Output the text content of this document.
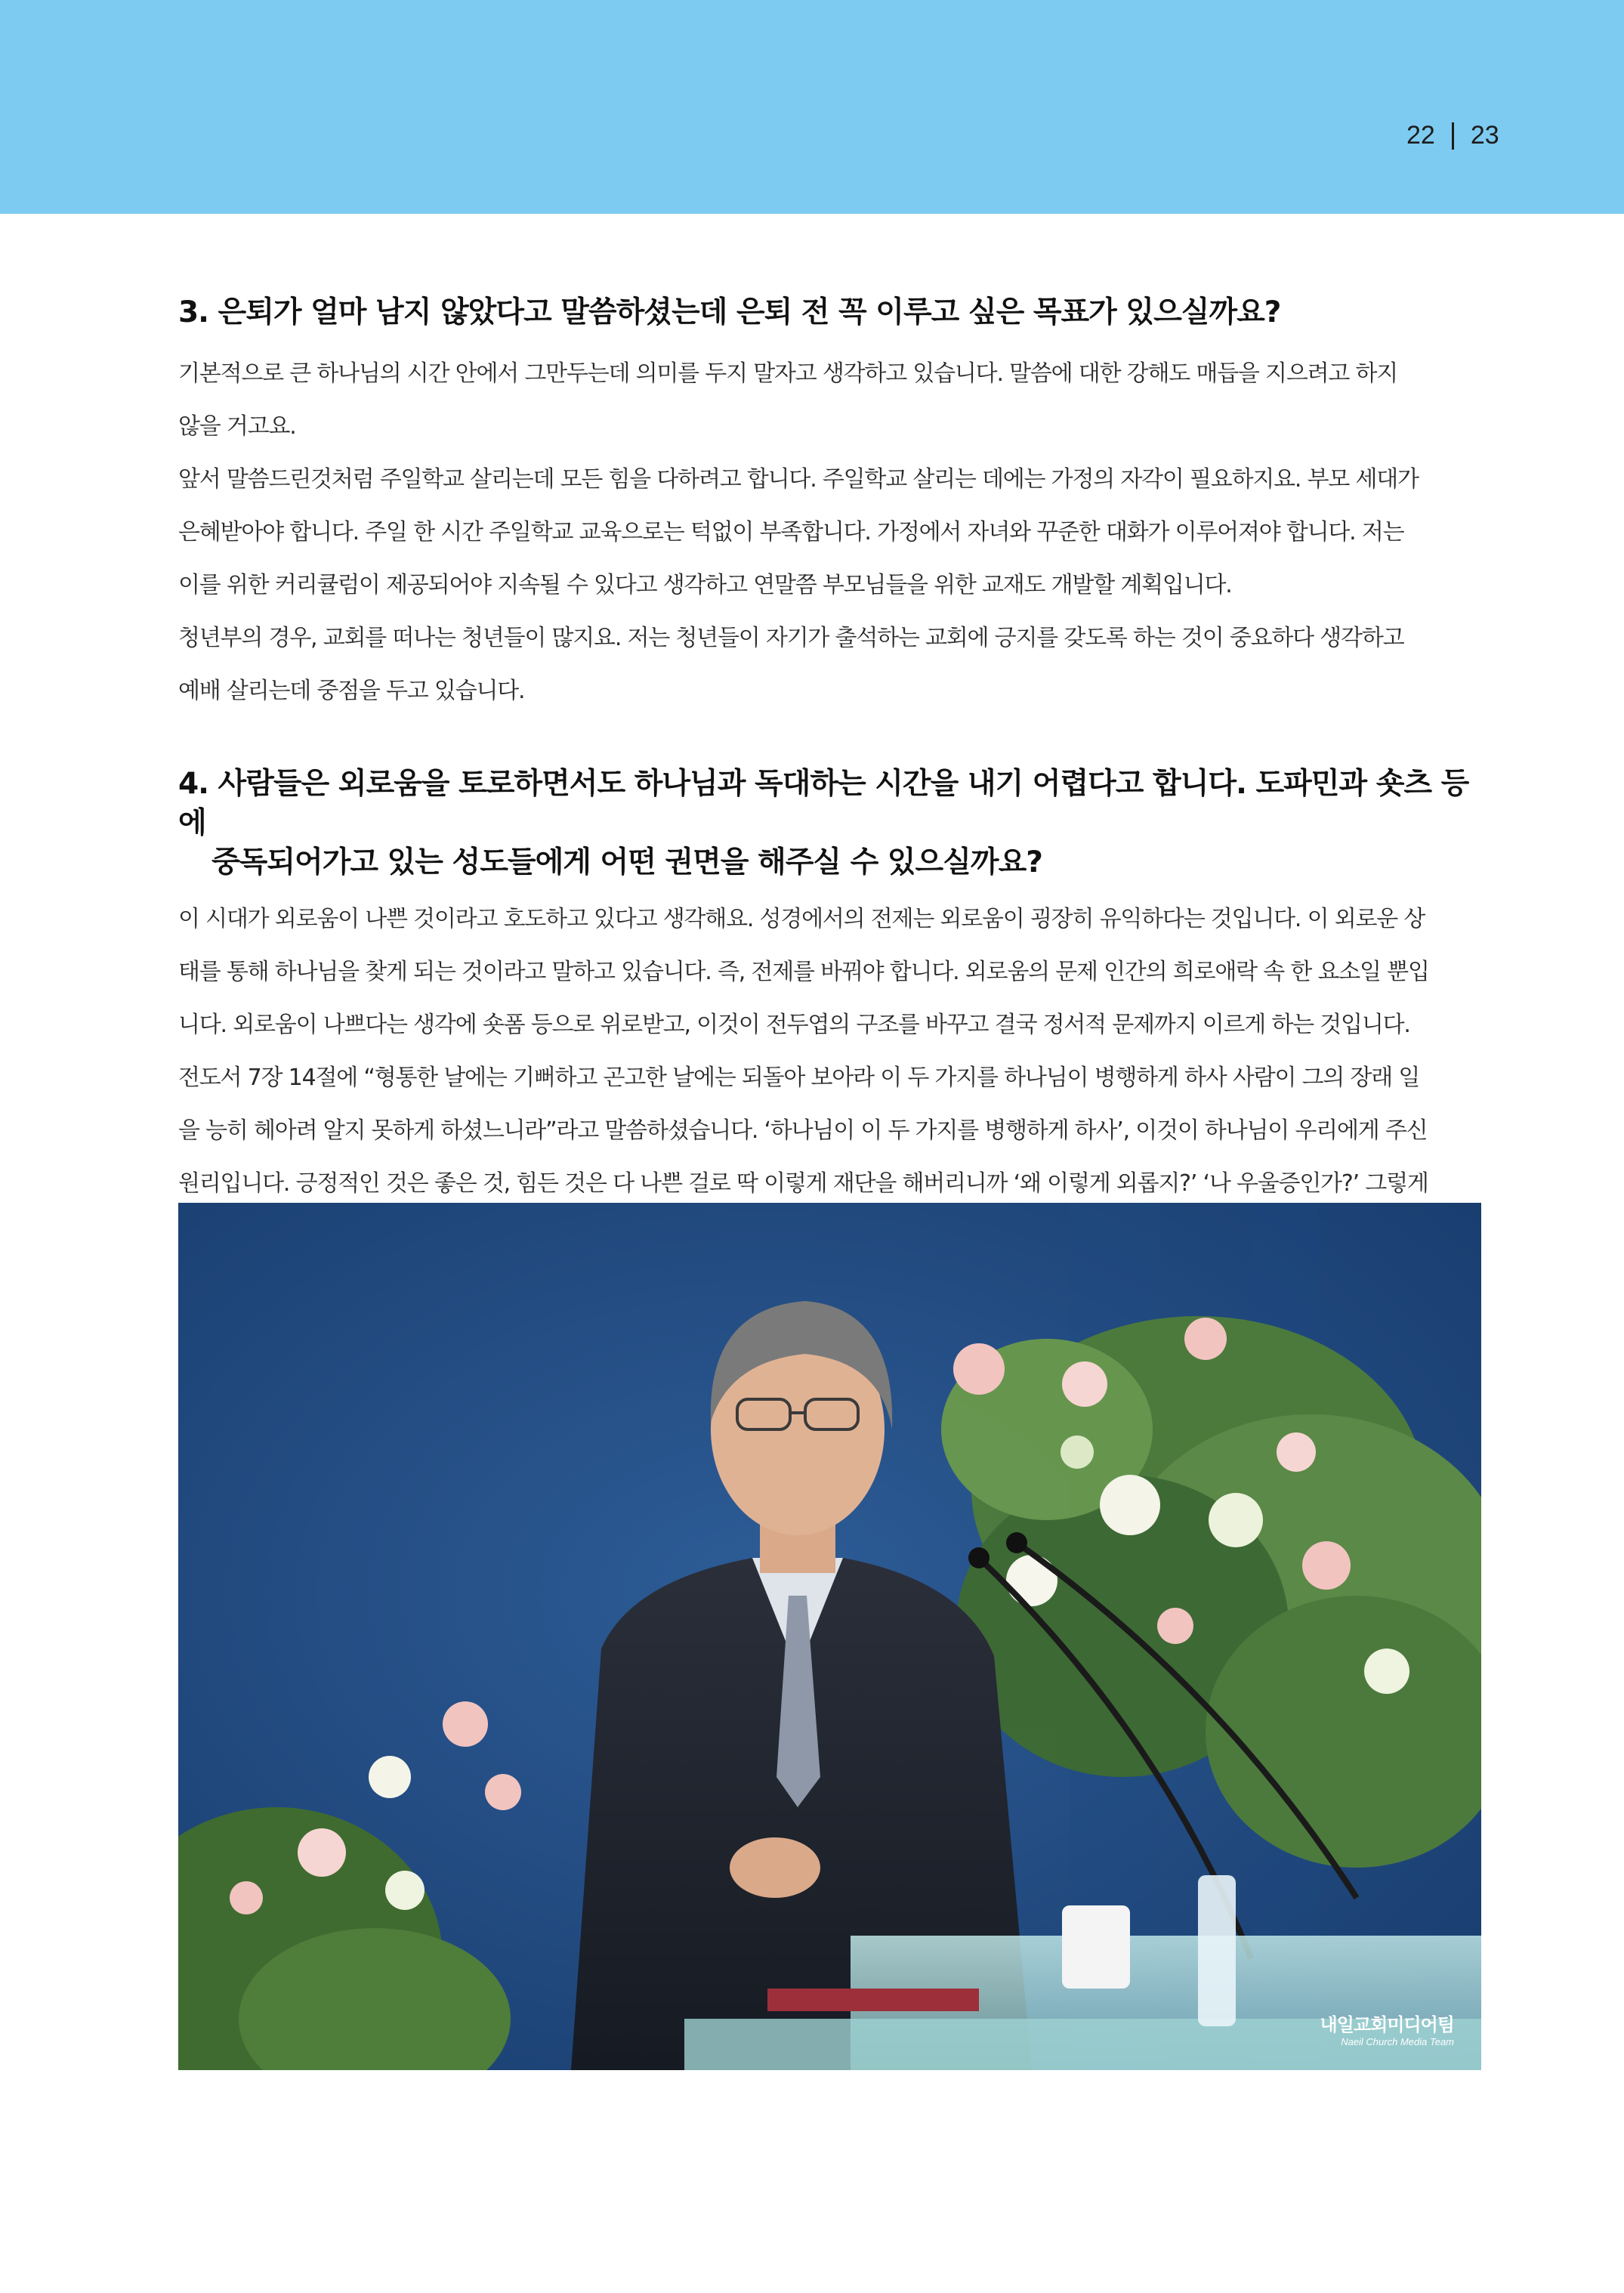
22 23
3. 은퇴가 얼마 남지 않았다고 말씀하셨는데 은퇴 전 꼭 이루고 싶은 목표가 있으실까요?

기본적으로 큰 하나님의 시간 안에서 그만두는데 의미를 두지 말자고 생각하고 있습니다. 말씀에 대한 강해도 매듭을 지으려고 하지

않을 거고요.

앞서 말씀드린것처럼 주일학교 살리는데 모든 힘을 다하려고 합니다. 주일학교 살리는 데에는 가정의 자각이 필요하지요. 부모 세대가

은혜받아야 합니다. 주일 한 시간 주일학교 교육으로는 턱없이 부족합니다. 가정에서 자녀와 꾸준한 대화가 이루어져야 합니다. 저는

이를 위한 커리큘럼이 제공되어야 지속될 수 있다고 생각하고 연말쯤 부모님들을 위한 교재도 개발할 계획입니다.

청년부의 경우, 교회를 떠나는 청년들이 많지요. 저는 청년들이 자기가 출석하는 교회에 긍지를 갖도록 하는 것이 중요하다 생각하고

예배 살리는데 중점을 두고 있습니다.

4. 사람들은 외로움을 토로하면서도 하나님과 독대하는 시간을 내기 어렵다고 합니다. 도파민과 숏츠 등에
중독되어가고 있는 성도들에게 어떤 권면을 해주실 수 있으실까요?

이 시대가 외로움이 나쁜 것이라고 호도하고 있다고 생각해요. 성경에서의 전제는 외로움이 굉장히 유익하다는 것입니다. 이 외로운 상

태를 통해 하나님을 찾게 되는 것이라고 말하고 있습니다. 즉, 전제를 바꿔야 합니다. 외로움의 문제 인간의 희로애락 속 한 요소일 뿐입

니다. 외로움이 나쁘다는 생각에 숏폼 등으로 위로받고, 이것이 전두엽의 구조를 바꾸고 결국 정서적 문제까지 이르게 하는 것입니다.

전도서 7장 14절에 “형통한 날에는 기뻐하고 곤고한 날에는 되돌아 보아라 이 두 가지를 하나님이 병행하게 하사 사람이 그의 장래 일

을 능히 헤아려 알지 못하게 하셨느니라”라고 말씀하셨습니다. ‘하나님이 이 두 가지를 병행하게 하사’, 이것이 하나님이 우리에게 주신

원리입니다. 긍정적인 것은 좋은 것, 힘든 것은 다 나쁜 걸로 딱 이렇게 재단을 해버리니까 ‘왜 이렇게 외롭지?’ ‘나 우울증인가?’ 그렇게

내일교회미디어팀
Naeil Church Media Team
